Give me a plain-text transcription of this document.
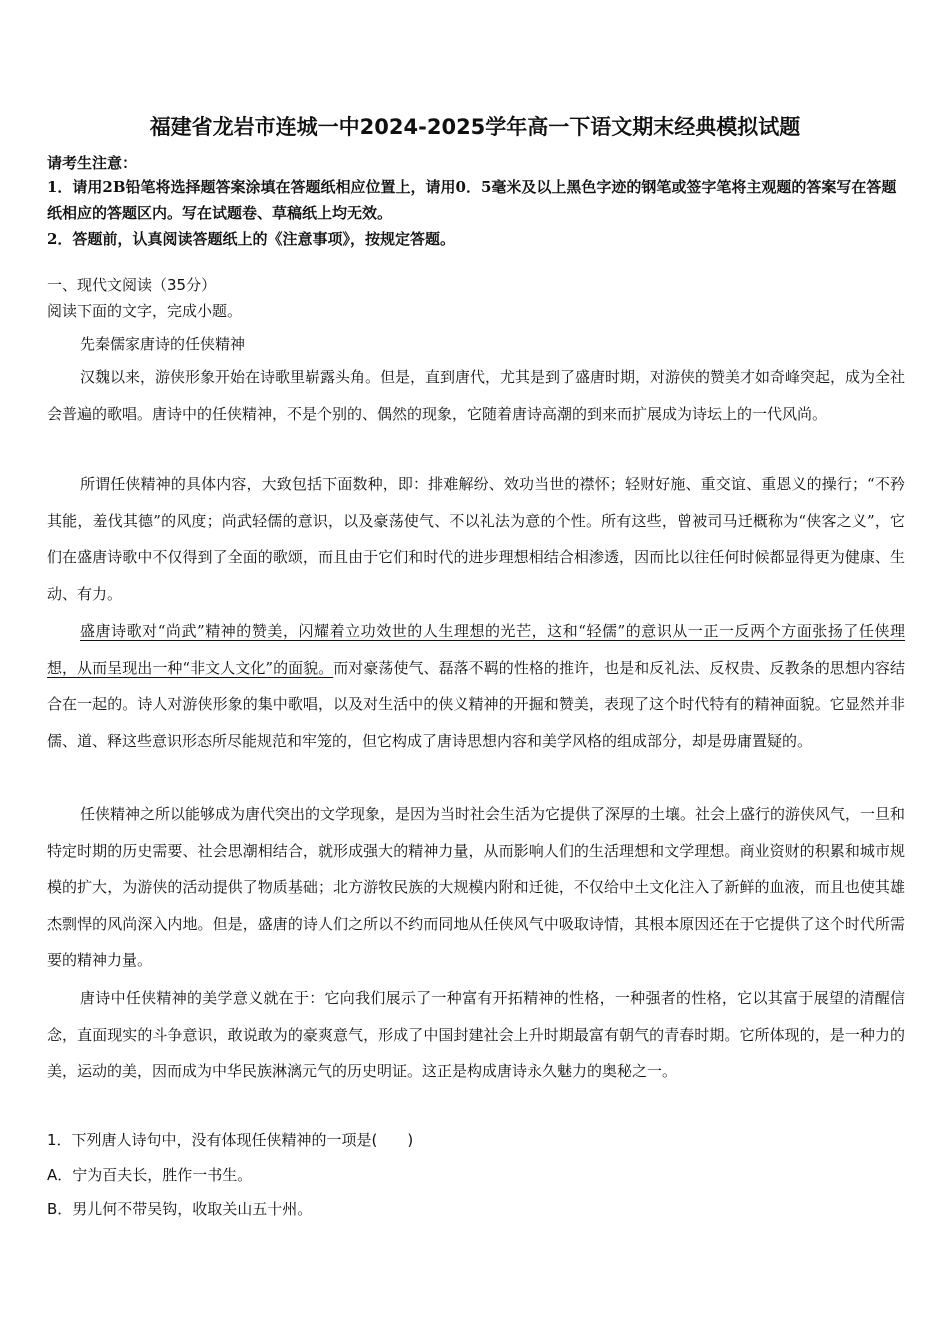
福建省龙岩市连城一中2024-2025学年高一下语文期末经典模拟试题
请考生注意：
1．请用2B铅笔将选择题答案涂填在答题纸相应位置上，请用0．5毫米及以上黑色字迹的钢笔或签字笔将主观题的答案写在答题纸相应的答题区内。写在试题卷、草稿纸上均无效。
2．答题前，认真阅读答题纸上的《注意事项》，按规定答题。
一、现代文阅读（35分）
阅读下面的文字，完成小题。
先秦儒家唐诗的任侠精神
汉魏以来，游侠形象开始在诗歌里崭露头角。但是，直到唐代，尤其是到了盛唐时期，对游侠的赞美才如奇峰突起，成为全社会普遍的歌唱。唐诗中的任侠精神，不是个别的、偶然的现象，它随着唐诗高潮的到来而扩展成为诗坛上的一代风尚。
所谓任侠精神的具体内容，大致包括下面数种，即：排难解纷、效功当世的襟怀；轻财好施、重交谊、重恩义的操行；“不矜其能，羞伐其德”的风度；尚武轻儒的意识，以及豪荡使气、不以礼法为意的个性。所有这些，曾被司马迁概称为“侠客之义”，它们在盛唐诗歌中不仅得到了全面的歌颂，而且由于它们和时代的进步理想相结合相渗透，因而比以往任何时候都显得更为健康、生动、有力。
盛唐诗歌对“尚武”精神的赞美，闪耀着立功效世的人生理想的光芒，这和“轻儒”的意识从一正一反两个方面张扬了任侠理想，从而呈现出一种“非文人文化”的面貌。而对豪荡使气、磊落不羁的性格的推许，也是和反礼法、反权贵、反教条的思想内容结合在一起的。诗人对游侠形象的集中歌唱，以及对生活中的侠义精神的开掘和赞美，表现了这个时代特有的精神面貌。它显然并非儒、道、释这些意识形态所尽能规范和牢笼的，但它构成了唐诗思想内容和美学风格的组成部分，却是毋庸置疑的。
任侠精神之所以能够成为唐代突出的文学现象，是因为当时社会生活为它提供了深厚的土壤。社会上盛行的游侠风气，一旦和特定时期的历史需要、社会思潮相结合，就形成强大的精神力量，从而影响人们的生活理想和文学理想。商业资财的积累和城市规模的扩大，为游侠的活动提供了物质基础；北方游牧民族的大规模内附和迁徙，不仅给中土文化注入了新鲜的血液，而且也使其雄杰剽悍的风尚深入内地。但是，盛唐的诗人们之所以不约而同地从任侠风气中吸取诗情，其根本原因还在于它提供了这个时代所需要的精神力量。
唐诗中任侠精神的美学意义就在于：它向我们展示了一种富有开拓精神的性格，一种强者的性格，它以其富于展望的清醒信念，直面现实的斗争意识，敢说敢为的豪爽意气，形成了中国封建社会上升时期最富有朝气的青春时期。它所体现的，是一种力的美，运动的美，因而成为中华民族淋漓元气的历史明证。这正是构成唐诗永久魅力的奥秘之一。
1．下列唐人诗句中，没有体现任侠精神的一项是(　　)
A．宁为百夫长，胜作一书生。
B．男儿何不带吴钩，收取关山五十州。
